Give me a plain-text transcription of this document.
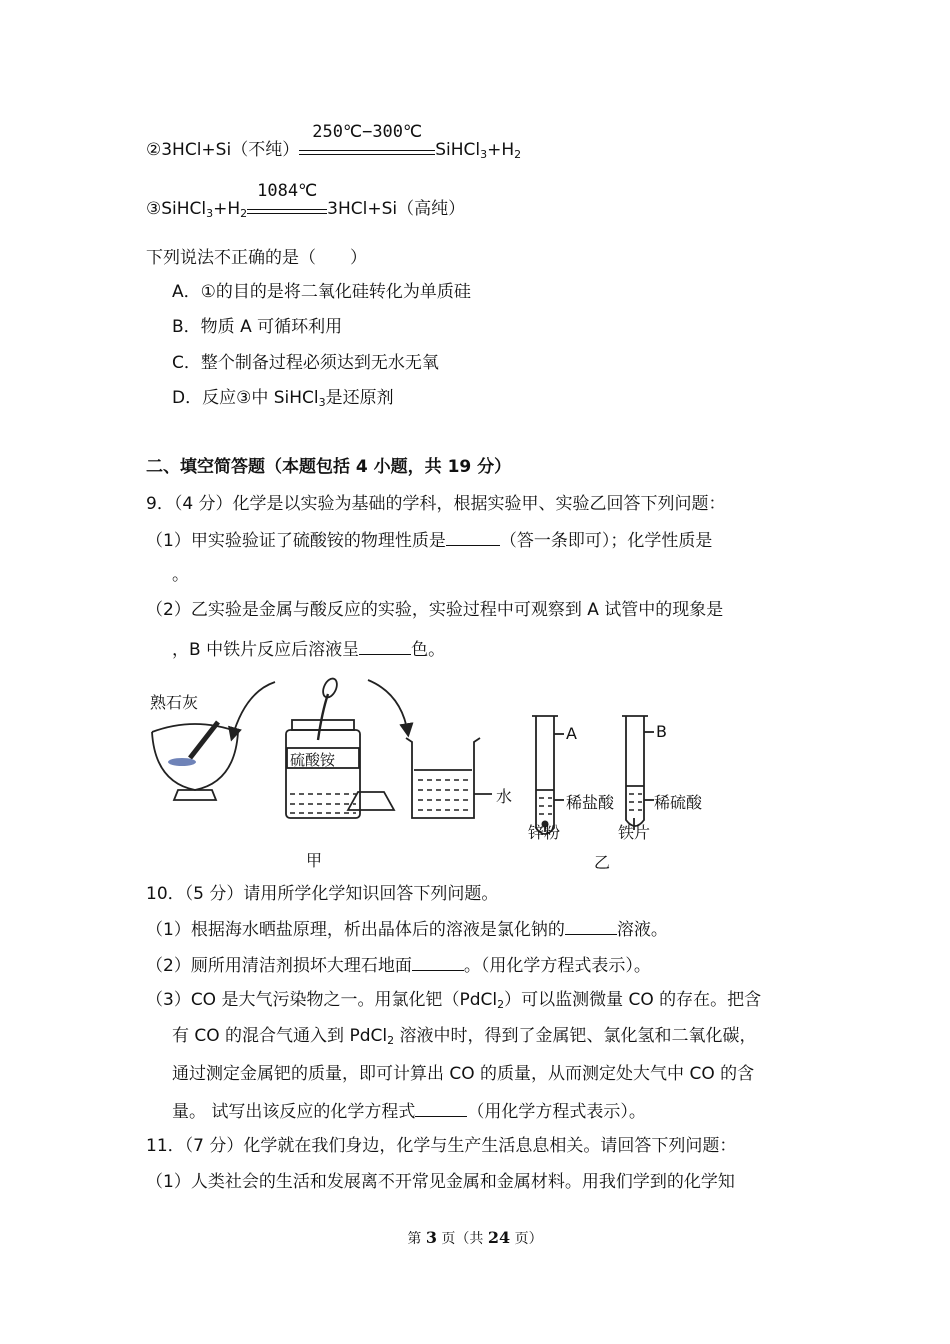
②3HCl+Si（不纯）
250℃−300℃
$SiHCl_3+H_2$
$③SiHCl_3+H_2$
1084℃
3HCl+Si（高纯）
下列说法不正确的是（　　）
A．①的目的是将二氧化硅转化为单质硅
B．物质 A 可循环利用
C．整个制备过程必须达到无水无氧
D．反应③中 SiHCl$_3$是还原剂
二、填空简答题（本题包括 4 小题，共 19 分）
9．（4 分）化学是以实验为基础的学科，根据实验甲、实验乙回答下列问题：
（1）甲实验验证了硫酸铵的物理性质是	（答一条即可）；化学性质是
。
（2）乙实验是金属与酸反应的实验，实验过程中可观察到 A 试管中的现象是
，B 中铁片反应后溶液呈	色。
熟石灰
硫酸铵
水
A	B
稀盐酸 稀硫酸
锌粉	铁片
甲	乙
10．（5 分）请用所学化学知识回答下列问题。
（1）根据海水晒盐原理，析出晶体后的溶液是氯化钠的	溶液。
（2）厕所用清洁剂损坏大理石地面	。（用化学方程式表示）。
（3）CO 是大气污染物之一。用氯化钯（PdCl$_2$）可以监测微量 CO 的存在。把含
有 CO 的混合气通入到 PdCl$_2$ 溶液中时，得到了金属钯、氯化氢和二氧化碳，
通过测定金属钯的质量，即可计算出 CO 的质量，从而测定处大气中 CO 的含
量。 试写出该反应的化学方程式	（用化学方程式表示）。
11．（7 分）化学就在我们身边，化学与生产生活息息相关。请回答下列问题：
（1）人类社会的生活和发展离不开常见金属和金属材料。用我们学到的化学知
第 3 页（共 24 页）
